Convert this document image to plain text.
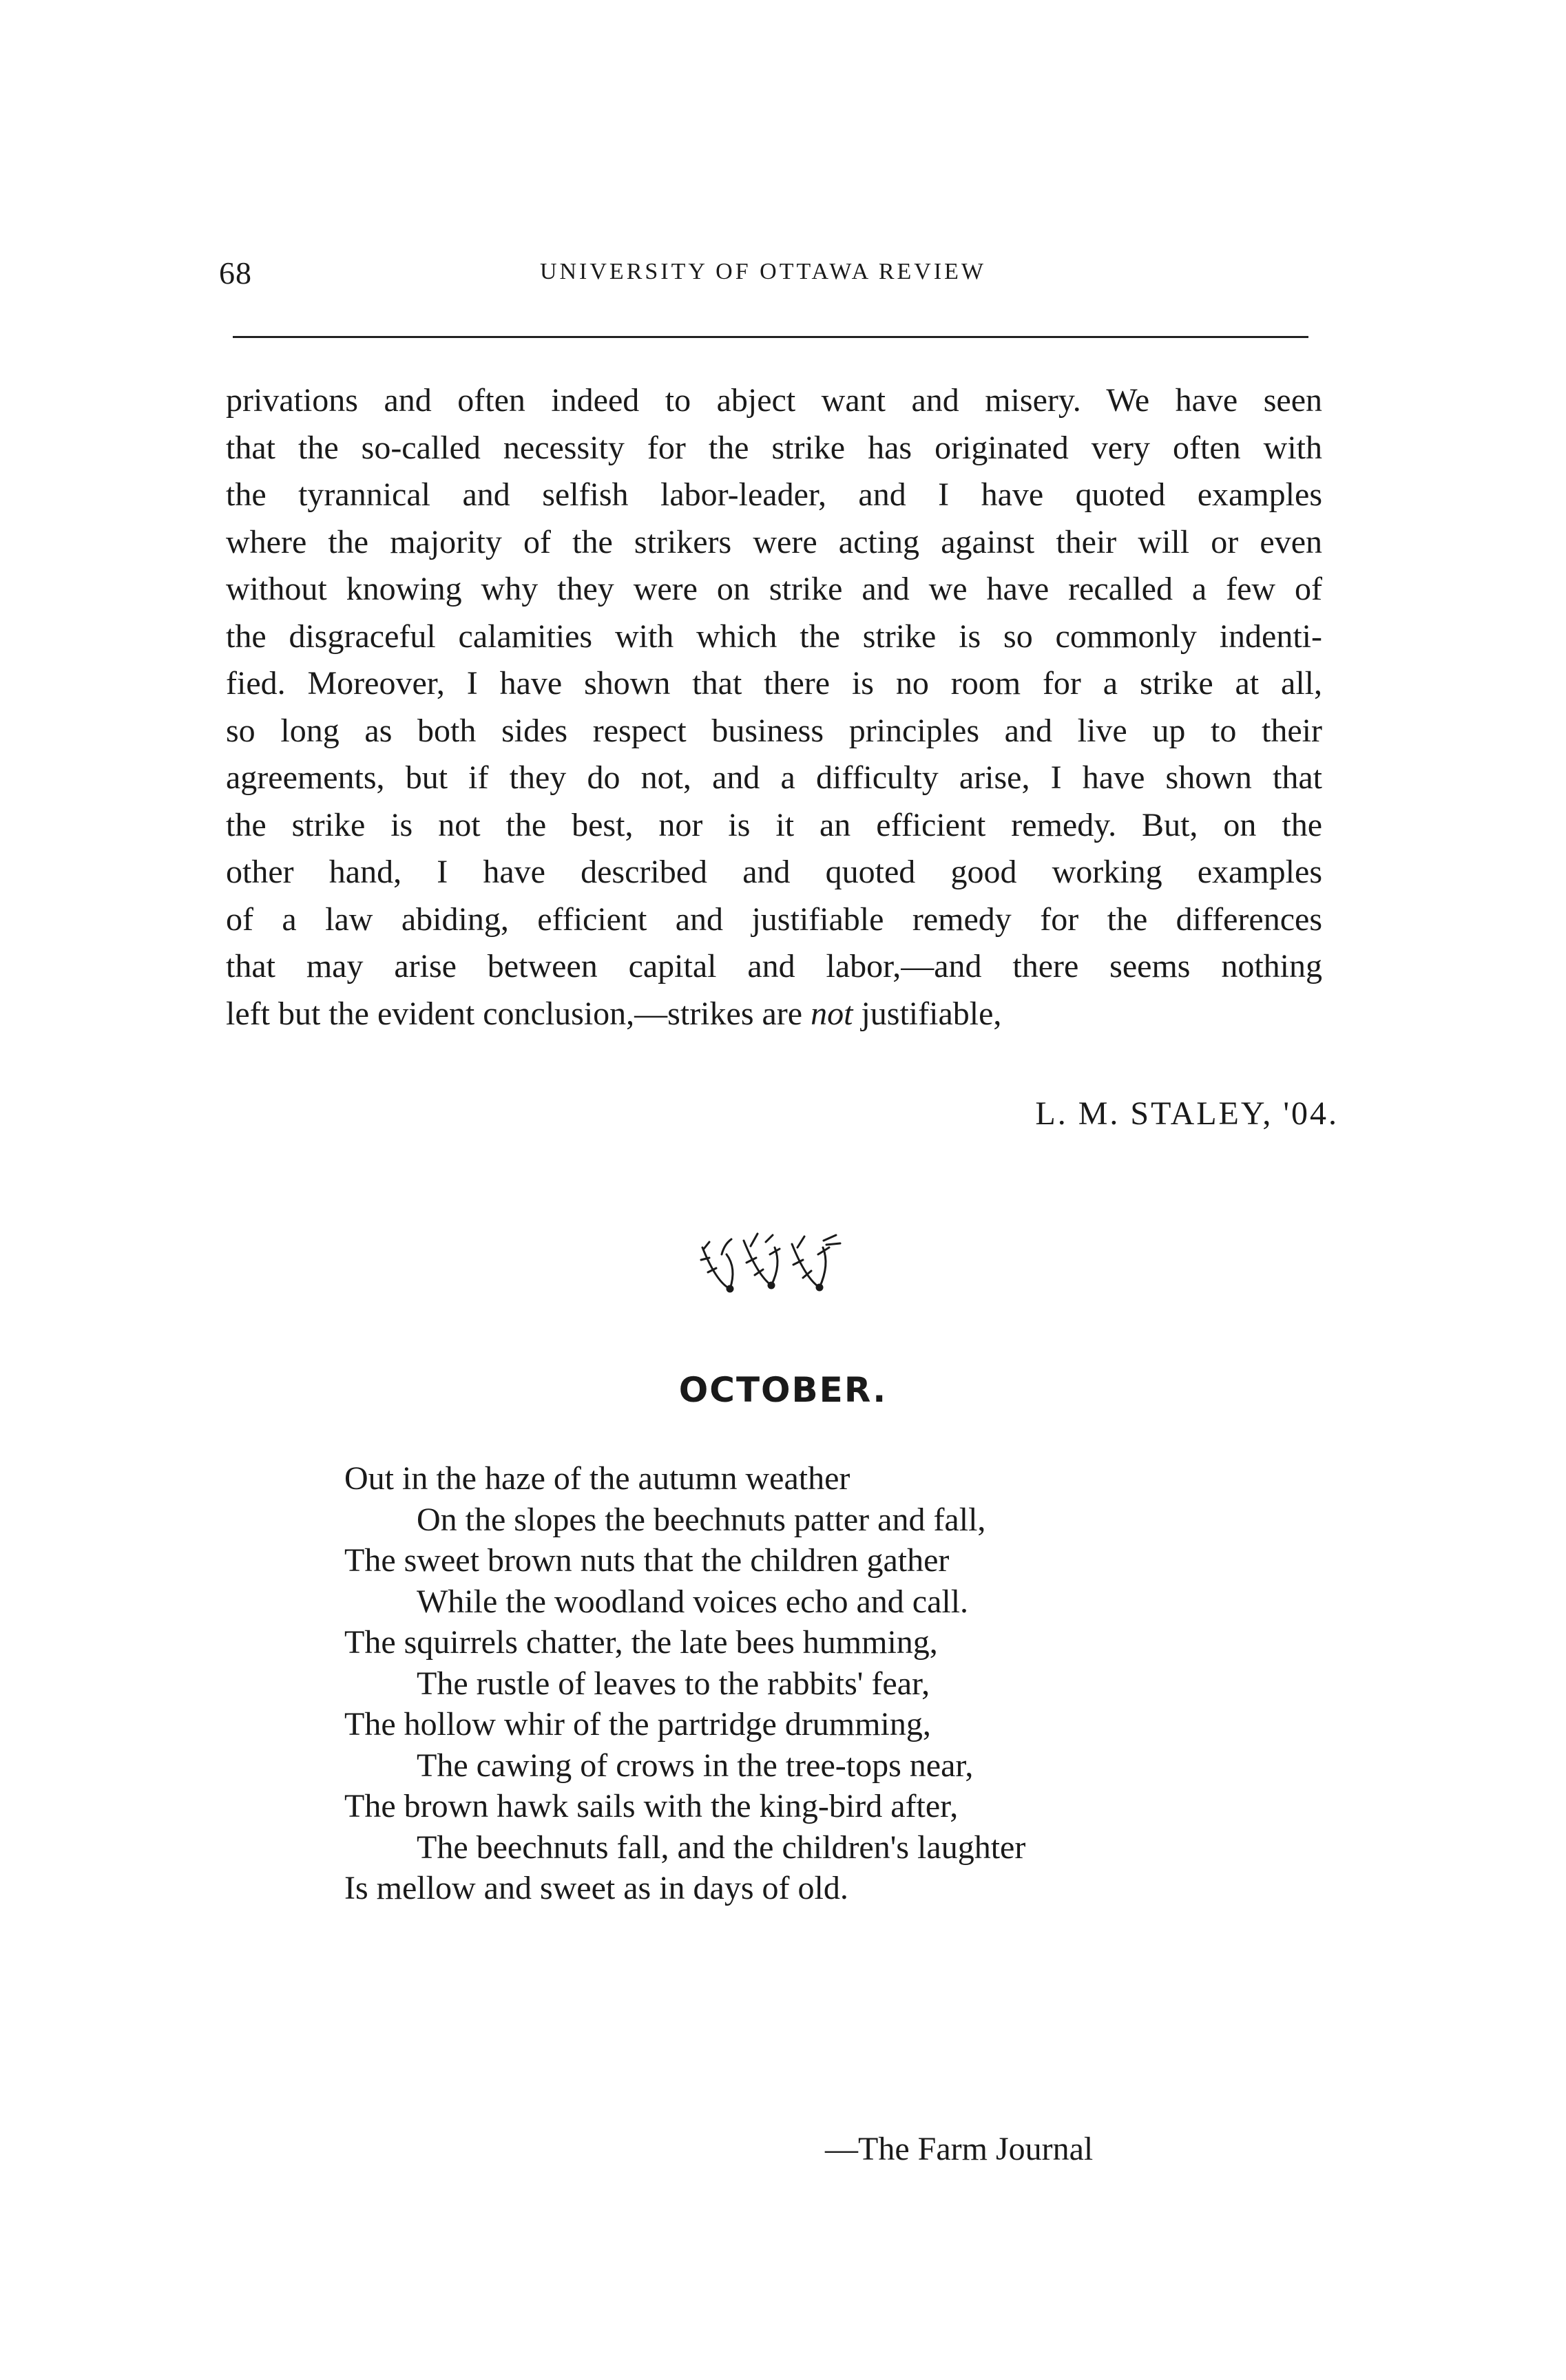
68	UNIVERSITY OF OTTAWA REVIEW
privations and often indeed to abject want and misery. We have seen
that the so-called necessity for the strike has originated very often with
the tyrannical and selfish labor-leader, and I have quoted examples
where the majority of the strikers were acting against their will or even
without knowing why they were on strike and we have recalled a few of
the disgraceful calamities with which the strike is so commonly indenti-
fied. Moreover, I have shown that there is no room for a strike at all,
so long as both sides respect business principles and live up to their
agreements, but if they do not, and a difficulty arise, I have shown that
the strike is not the best, nor is it an efficient remedy. But, on the
other hand, I have described and quoted good working examples
of a law abiding, efficient and justifiable remedy for the differences
that may arise between capital and labor,—and there seems nothing
left but the evident conclusion,—strikes are not justifiable,
L. M. STALEY, '04.
OCTOBER.
Out in the haze of the autumn weather
On the slopes the beechnuts patter and fall,
The sweet brown nuts that the children gather
While the woodland voices echo and call.
The squirrels chatter, the late bees humming,
The rustle of leaves to the rabbits' fear,
The hollow whir of the partridge drumming,
The cawing of crows in the tree-tops near,
The brown hawk sails with the king-bird after,
The beechnuts fall, and the children's laughter
Is mellow and sweet as in days of old.
—The Farm Journal
